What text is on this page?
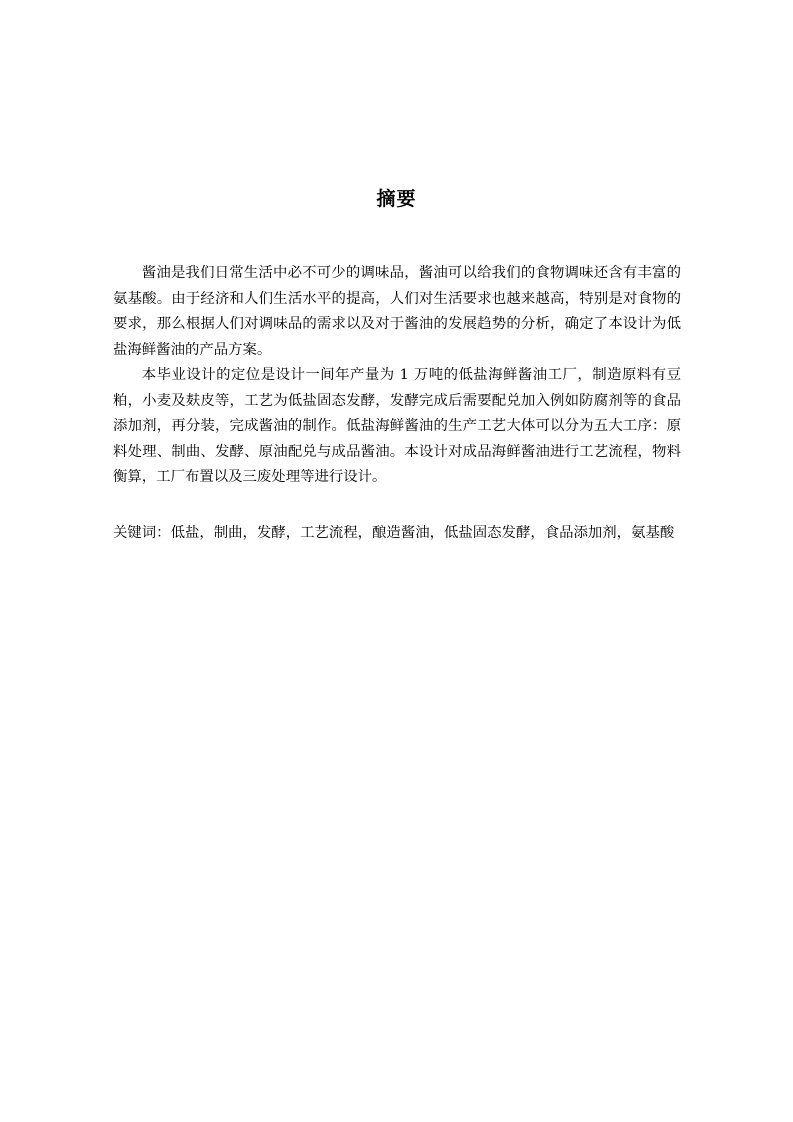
摘要

酱油是我们日常生活中必不可少的调味品，酱油可以给我们的食物调味还含有丰富的氨基酸。由于经济和人们生活水平的提高，人们对生活要求也越来越高，特别是对食物的要求，那么根据人们对调味品的需求以及对于酱油的发展趋势的分析，确定了本设计为低盐海鲜酱油的产品方案。

本毕业设计的定位是设计一间年产量为 1 万吨的低盐海鲜酱油工厂，制造原料有豆粕，小麦及麸皮等，工艺为低盐固态发酵，发酵完成后需要配兑加入例如防腐剂等的食品添加剂，再分装，完成酱油的制作。低盐海鲜酱油的生产工艺大体可以分为五大工序：原料处理、制曲、发酵、原油配兑与成品酱油。本设计对成品海鲜酱油进行工艺流程，物料衡算，工厂布置以及三废处理等进行设计。

关键词：低盐，制曲，发酵，工艺流程，酿造酱油，低盐固态发酵，食品添加剂，氨基酸
